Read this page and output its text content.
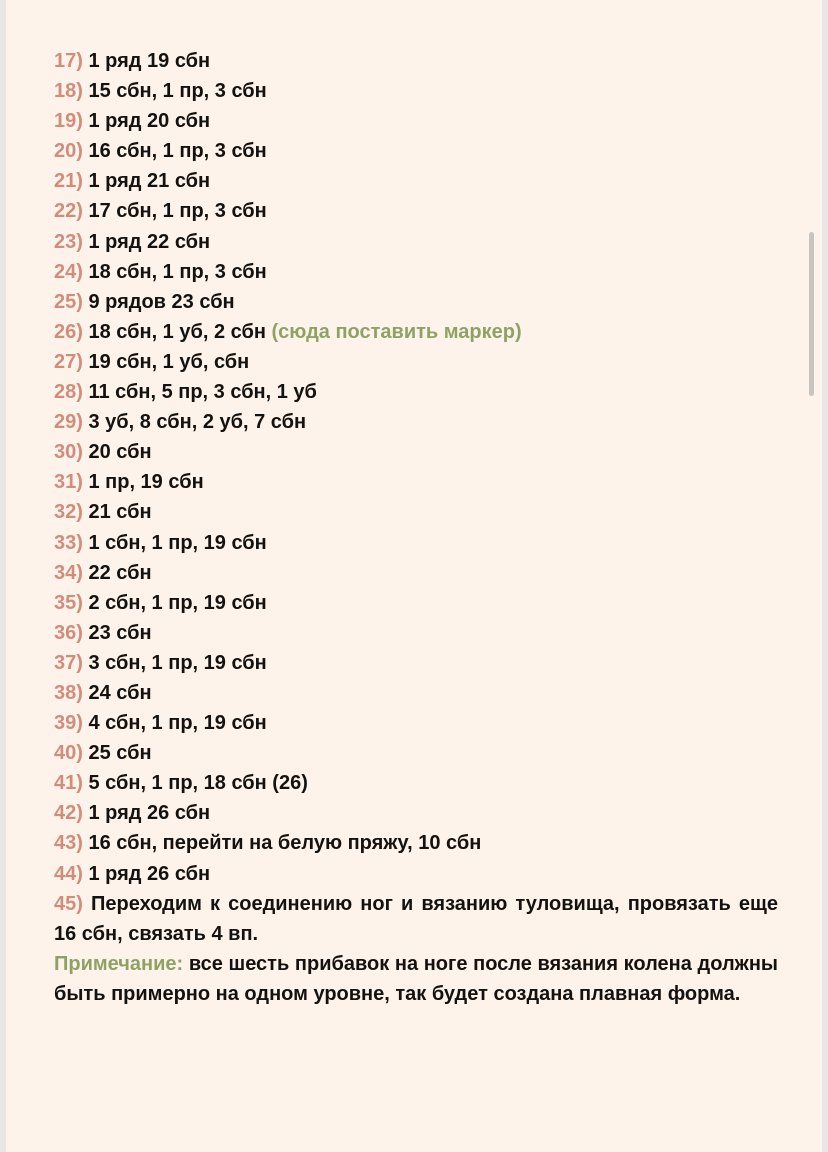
17) 1 ряд 19 сбн
18) 15 сбн, 1 пр, 3 сбн
19) 1 ряд 20 сбн
20) 16 сбн, 1 пр, 3 сбн
21) 1 ряд 21 сбн
22) 17 сбн, 1 пр, 3 сбн
23) 1 ряд 22 сбн
24) 18 сбн, 1 пр, 3 сбн
25) 9 рядов 23 сбн
26) 18 сбн, 1 уб, 2 сбн (сюда поставить маркер)
27) 19 сбн, 1 уб, сбн
28) 11 сбн, 5 пр, 3 сбн, 1 уб
29) 3 уб, 8 сбн, 2 уб, 7 сбн
30) 20 сбн
31) 1 пр, 19 сбн
32) 21 сбн
33) 1 сбн, 1 пр, 19 сбн
34) 22 сбн
35) 2 сбн, 1 пр, 19 сбн
36) 23 сбн
37) 3 сбн, 1 пр, 19 сбн
38) 24 сбн
39) 4 сбн, 1 пр, 19 сбн
40) 25 сбн
41) 5 сбн, 1 пр, 18 сбн (26)
42) 1 ряд 26 сбн
43) 16 сбн, перейти на белую пряжу, 10 сбн
44) 1 ряд 26 сбн
45) Переходим к соединению ног и вязанию туловища, провязать еще 16 сбн, связать 4 вп.
Примечание: все шесть прибавок на ноге после вязания колена должны быть примерно на одном уровне, так будет создана плавная форма.
